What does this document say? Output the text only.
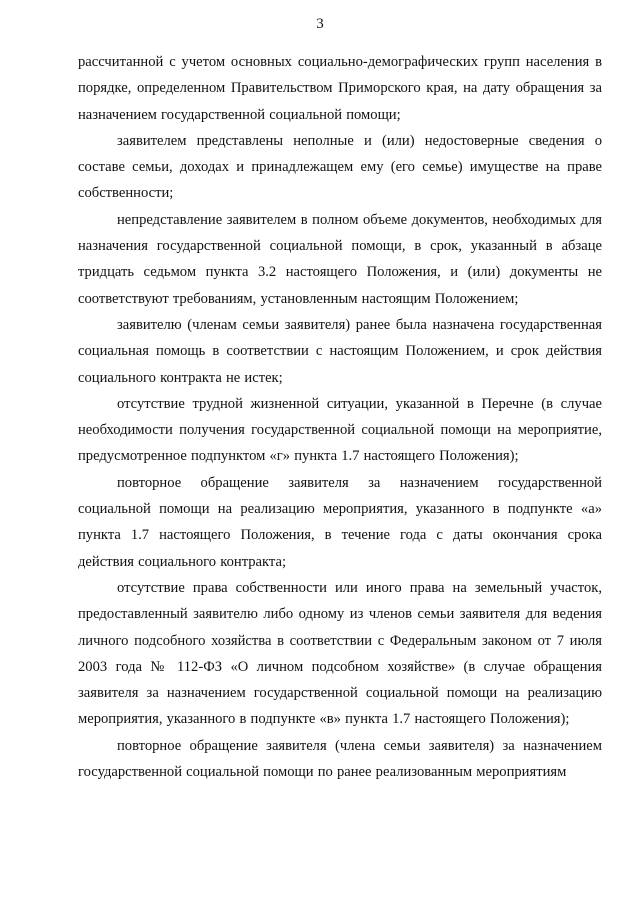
3

рассчитанной с учетом основных социально-демографических групп населения в порядке, определенном Правительством Приморского края, на дату обращения за назначением государственной социальной помощи;

заявителем представлены неполные и (или) недостоверные сведения о составе семьи, доходах и принадлежащем ему (его семье) имуществе на праве собственности;

непредставление заявителем в полном объеме документов, необходимых для назначения государственной социальной помощи, в срок, указанный в абзаце тридцать седьмом пункта 3.2 настоящего Положения, и (или) документы не соответствуют требованиям, установленным настоящим Положением;

заявителю (членам семьи заявителя) ранее была назначена государственная социальная помощь в соответствии с настоящим Положением, и срок действия социального контракта не истек;

отсутствие трудной жизненной ситуации, указанной в Перечне (в случае необходимости получения государственной социальной помощи на мероприятие, предусмотренное подпунктом «г» пункта 1.7 настоящего Положения);

повторное обращение заявителя за назначением государственной социальной помощи на реализацию мероприятия, указанного в подпункте «а» пункта 1.7 настоящего Положения, в течение года с даты окончания срока действия социального контракта;

отсутствие права собственности или иного права на земельный участок, предоставленный заявителю либо одному из членов семьи заявителя для ведения личного подсобного хозяйства в соответствии с Федеральным законом от 7 июля 2003 года № 112-ФЗ «О личном подсобном хозяйстве» (в случае обращения заявителя за назначением государственной социальной помощи на реализацию мероприятия, указанного в подпункте «в» пункта 1.7 настоящего Положения);

повторное обращение заявителя (члена семьи заявителя) за назначением государственной социальной помощи по ранее реализованным мероприятиям
